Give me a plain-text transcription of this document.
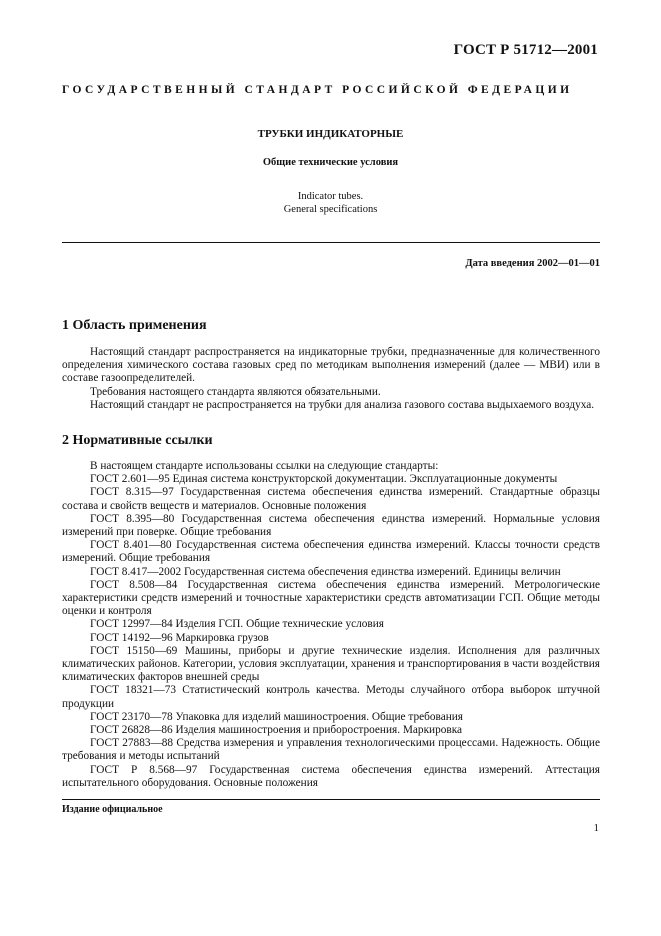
ГОСТ Р 51712—2001
ГОСУДАРСТВЕННЫЙ СТАНДАРТ РОССИЙСКОЙ ФЕДЕРАЦИИ
ТРУБКИ ИНДИКАТОРНЫЕ
Общие технические условия
Indicator tubes.
General specifications
Дата введения 2002—01—01
1 Область применения

Настоящий стандарт распространяется на индикаторные трубки, предназначенные для количественного определения химического состава газовых сред по методикам выполнения измерений (далее — МВИ) или в составе газоопределителей.

Требования настоящего стандарта являются обязательными.

Настоящий стандарт не распространяется на трубки для анализа газового состава выдыхаемого воздуха.

2 Нормативные ссылки

В настоящем стандарте использованы ссылки на следующие стандарты:

ГОСТ 2.601—95 Единая система конструкторской документации. Эксплуатационные документы

ГОСТ 8.315—97 Государственная система обеспечения единства измерений. Стандартные образцы состава и свойств веществ и материалов. Основные положения

ГОСТ 8.395—80 Государственная система обеспечения единства измерений. Нормальные условия измерений при поверке. Общие требования

ГОСТ 8.401—80 Государственная система обеспечения единства измерений. Классы точности средств измерений. Общие требования

ГОСТ 8.417—2002 Государственная система обеспечения единства измерений. Единицы величин

ГОСТ 8.508—84 Государственная система обеспечения единства измерений. Метрологические характеристики средств измерений и точностные характеристики средств автоматизации ГСП. Общие методы оценки и контроля

ГОСТ 12997—84 Изделия ГСП. Общие технические условия

ГОСТ 14192—96 Маркировка грузов

ГОСТ 15150—69 Машины, приборы и другие технические изделия. Исполнения для различных климатических районов. Категории, условия эксплуатации, хранения и транспортирования в части воздействия климатических факторов внешней среды

ГОСТ 18321—73 Статистический контроль качества. Методы случайного отбора выборок штучной продукции

ГОСТ 23170—78 Упаковка для изделий машиностроения. Общие требования

ГОСТ 26828—86 Изделия машиностроения и приборостроения. Маркировка

ГОСТ 27883—88 Средства измерения и управления технологическими процессами. Надежность. Общие требования и методы испытаний

ГОСТ Р 8.568—97 Государственная система обеспечения единства измерений. Аттестация испытательного оборудования. Основные положения

Издание официальное
1
